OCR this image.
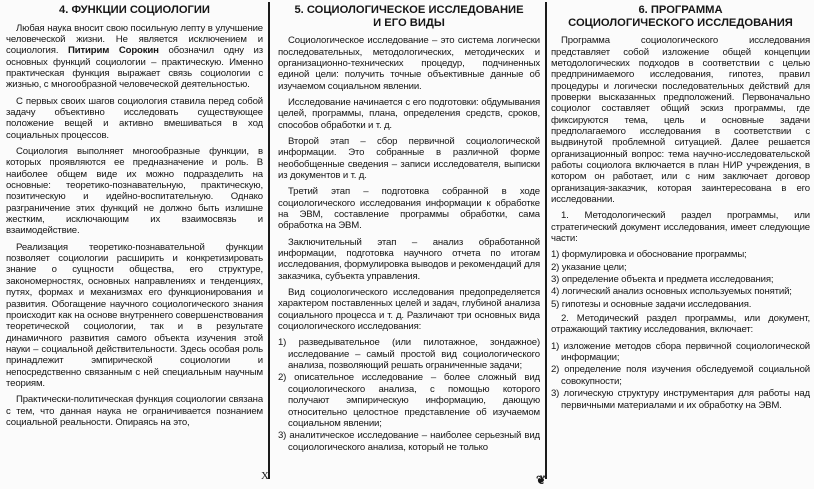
4. ФУНКЦИИ СОЦИОЛОГИИ

Любая наука вносит свою посильную лепту в улучшение человеческой жизни. Не является исключением и социология. Питирим Сорокин обозначил одну из основных функций социологии – практическую. Именно практическая функция выражает связь социологии с жизнью, с многообразной человеческой деятельностью.

С первых своих шагов социология ставила перед собой задачу объективно исследовать существующее положение вещей и активно вмешиваться в ход социальных процессов.

Социология выполняет многообразные функции, в которых проявляются ее предназначение и роль. В наиболее общем виде их можно подразделить на основные: теоретико-познавательную, практическую, позитическую и идейно-воспитательную. Однако разграничение этих функций не должно быть излишне жестким, исключающим их взаимосвязь и взаимодействие.

Реализация теоретико-познавательной функции позволяет социологии расширить и конкретизировать знание о сущности общества, его структуре, закономерностях, основных направлениях и тенденциях, путях, формах и механизмах его функционирования и развития. Обогащение научного социологического знания происходит как на основе внутреннего совершенствования теоретической социологии, так и в результате динамичного развития самого объекта изучения этой науки – социальной действительности. Здесь особая роль принадлежит эмпирической социологии и непосредственно связанным с ней специальным научным теориям.

Практически-политическая функция социологии связана с тем, что данная наука не ограничивается познанием социальной реальности. Опираясь на это,

5. СОЦИОЛОГИЧЕСКОЕ ИССЛЕДОВАНИЕ
И ЕГО ВИДЫ

Социологическое исследование – это система логически последовательных, методологических, методических и организационно-технических процедур, подчиненных единой цели: получить точные объективные данные об изучаемом социальном явлении.

Исследование начинается с его подготовки: обдумывания целей, программы, плана, определения средств, сроков, способов обработки и т. д.

Второй этап – сбор первичной социологической информации. Это собранные в различной форме необобщенные сведения – записи исследователя, выписки из документов и т. д.

Третий этап – подготовка собранной в ходе социологического исследования информации к обработке на ЭВМ, составление программы обработки, сама обработка на ЭВМ.

Заключительный этап – анализ обработанной информации, подготовка научного отчета по итогам исследования, формулировка выводов и рекомендаций для заказчика, субъекта управления.

Вид социологического исследования предопределяется характером поставленных целей и задач, глубиной анализа социального процесса и т. д. Различают три основных вида социологического исследования:

1) разведывательное (или пилотажное, зондажное) исследование – самый простой вид социологического анализа, позволяющий решать ограниченные задачи;
2) описательное исследование – более сложный вид социологического анализа, с помощью которого получают эмпирическую информацию, дающую относительно целостное представление об изучаемом социальном явлении;
3) аналитическое исследование – наиболее серьезный вид социологического анализа, который не только
6. ПРОГРАММА
СОЦИОЛОГИЧЕСКОГО ИССЛЕДОВАНИЯ

Программа социологического исследования представляет собой изложение общей концепции методологических подходов в соответствии с целью предпринимаемого исследования, гипотез, правил процедуры и логически последовательных действий для проверки высказанных предположений. Первоначально социолог составляет общий эскиз программы, где фиксируются тема, цель и основные задачи предполагаемого исследования в соответствии с выдвинутой проблемной ситуацией. Далее решается организационный вопрос: тема научно-исследовательской работы социолога включается в план НИР учреждения, в котором он работает, или с ним заключает договор организация-заказчик, которая заинтересована в его исследовании.

1. Методологический раздел программы, или стратегический документ исследования, имеет следующие части:

1) формулировка и обоснование программы;
2) указание цели;
3) определение объекта и предмета исследования;
4) логический анализ основных используемых понятий;
5) гипотезы и основные задачи исследования.

2. Методический раздел программы, или документ, отражающий тактику исследования, включает:

1) изложение методов сбора первичной социологической информации;
2) определение поля изучения обследуемой социальной совокупности;
3) логическую структуру инструментария для работы над первичными материалами и их обработку на ЭВМ.
X	❦
